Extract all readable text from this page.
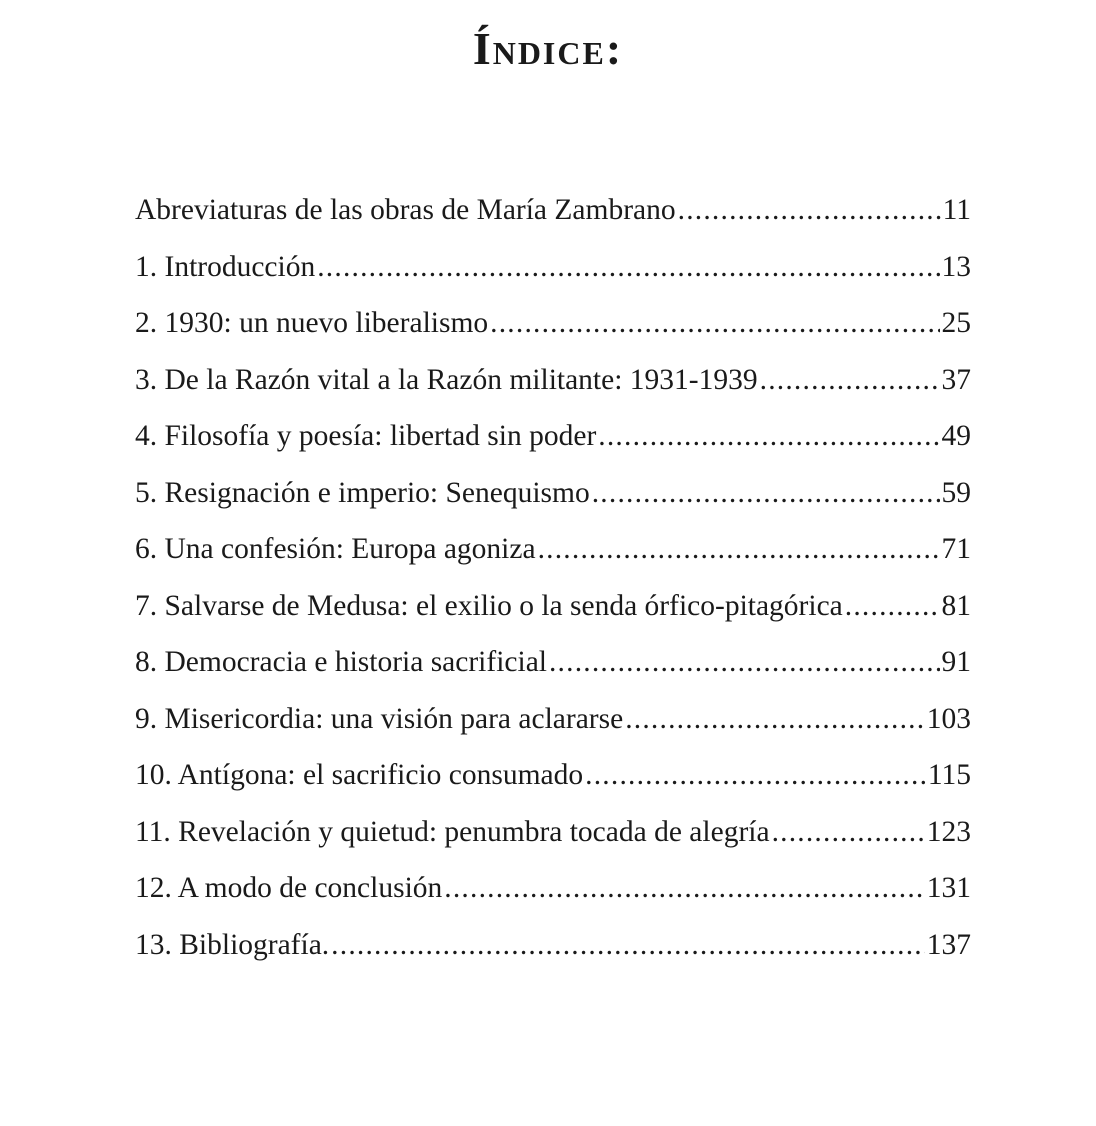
Índice:
Abreviaturas de las obras de María Zambrano .....	11
1. Introducción .....	13
2. 1930: un nuevo liberalismo .....	25
3. De la Razón vital a la Razón militante: 1931-1939 .....	37
4. Filosofía y poesía: libertad sin poder .....	49
5. Resignación e imperio: Senequismo .....	59
6. Una confesión: Europa agoniza .....	71
7. Salvarse de Medusa: el exilio o la senda órfico-pitagórica .....	81
8. Democracia e historia sacrificial .....	91
9. Misericordia: una visión para aclararse .....	103
10. Antígona: el sacrificio consumado .....	115
11. Revelación y quietud: penumbra tocada de alegría .....	123
12. A modo de conclusión .....	131
13. Bibliografía. .....	137
